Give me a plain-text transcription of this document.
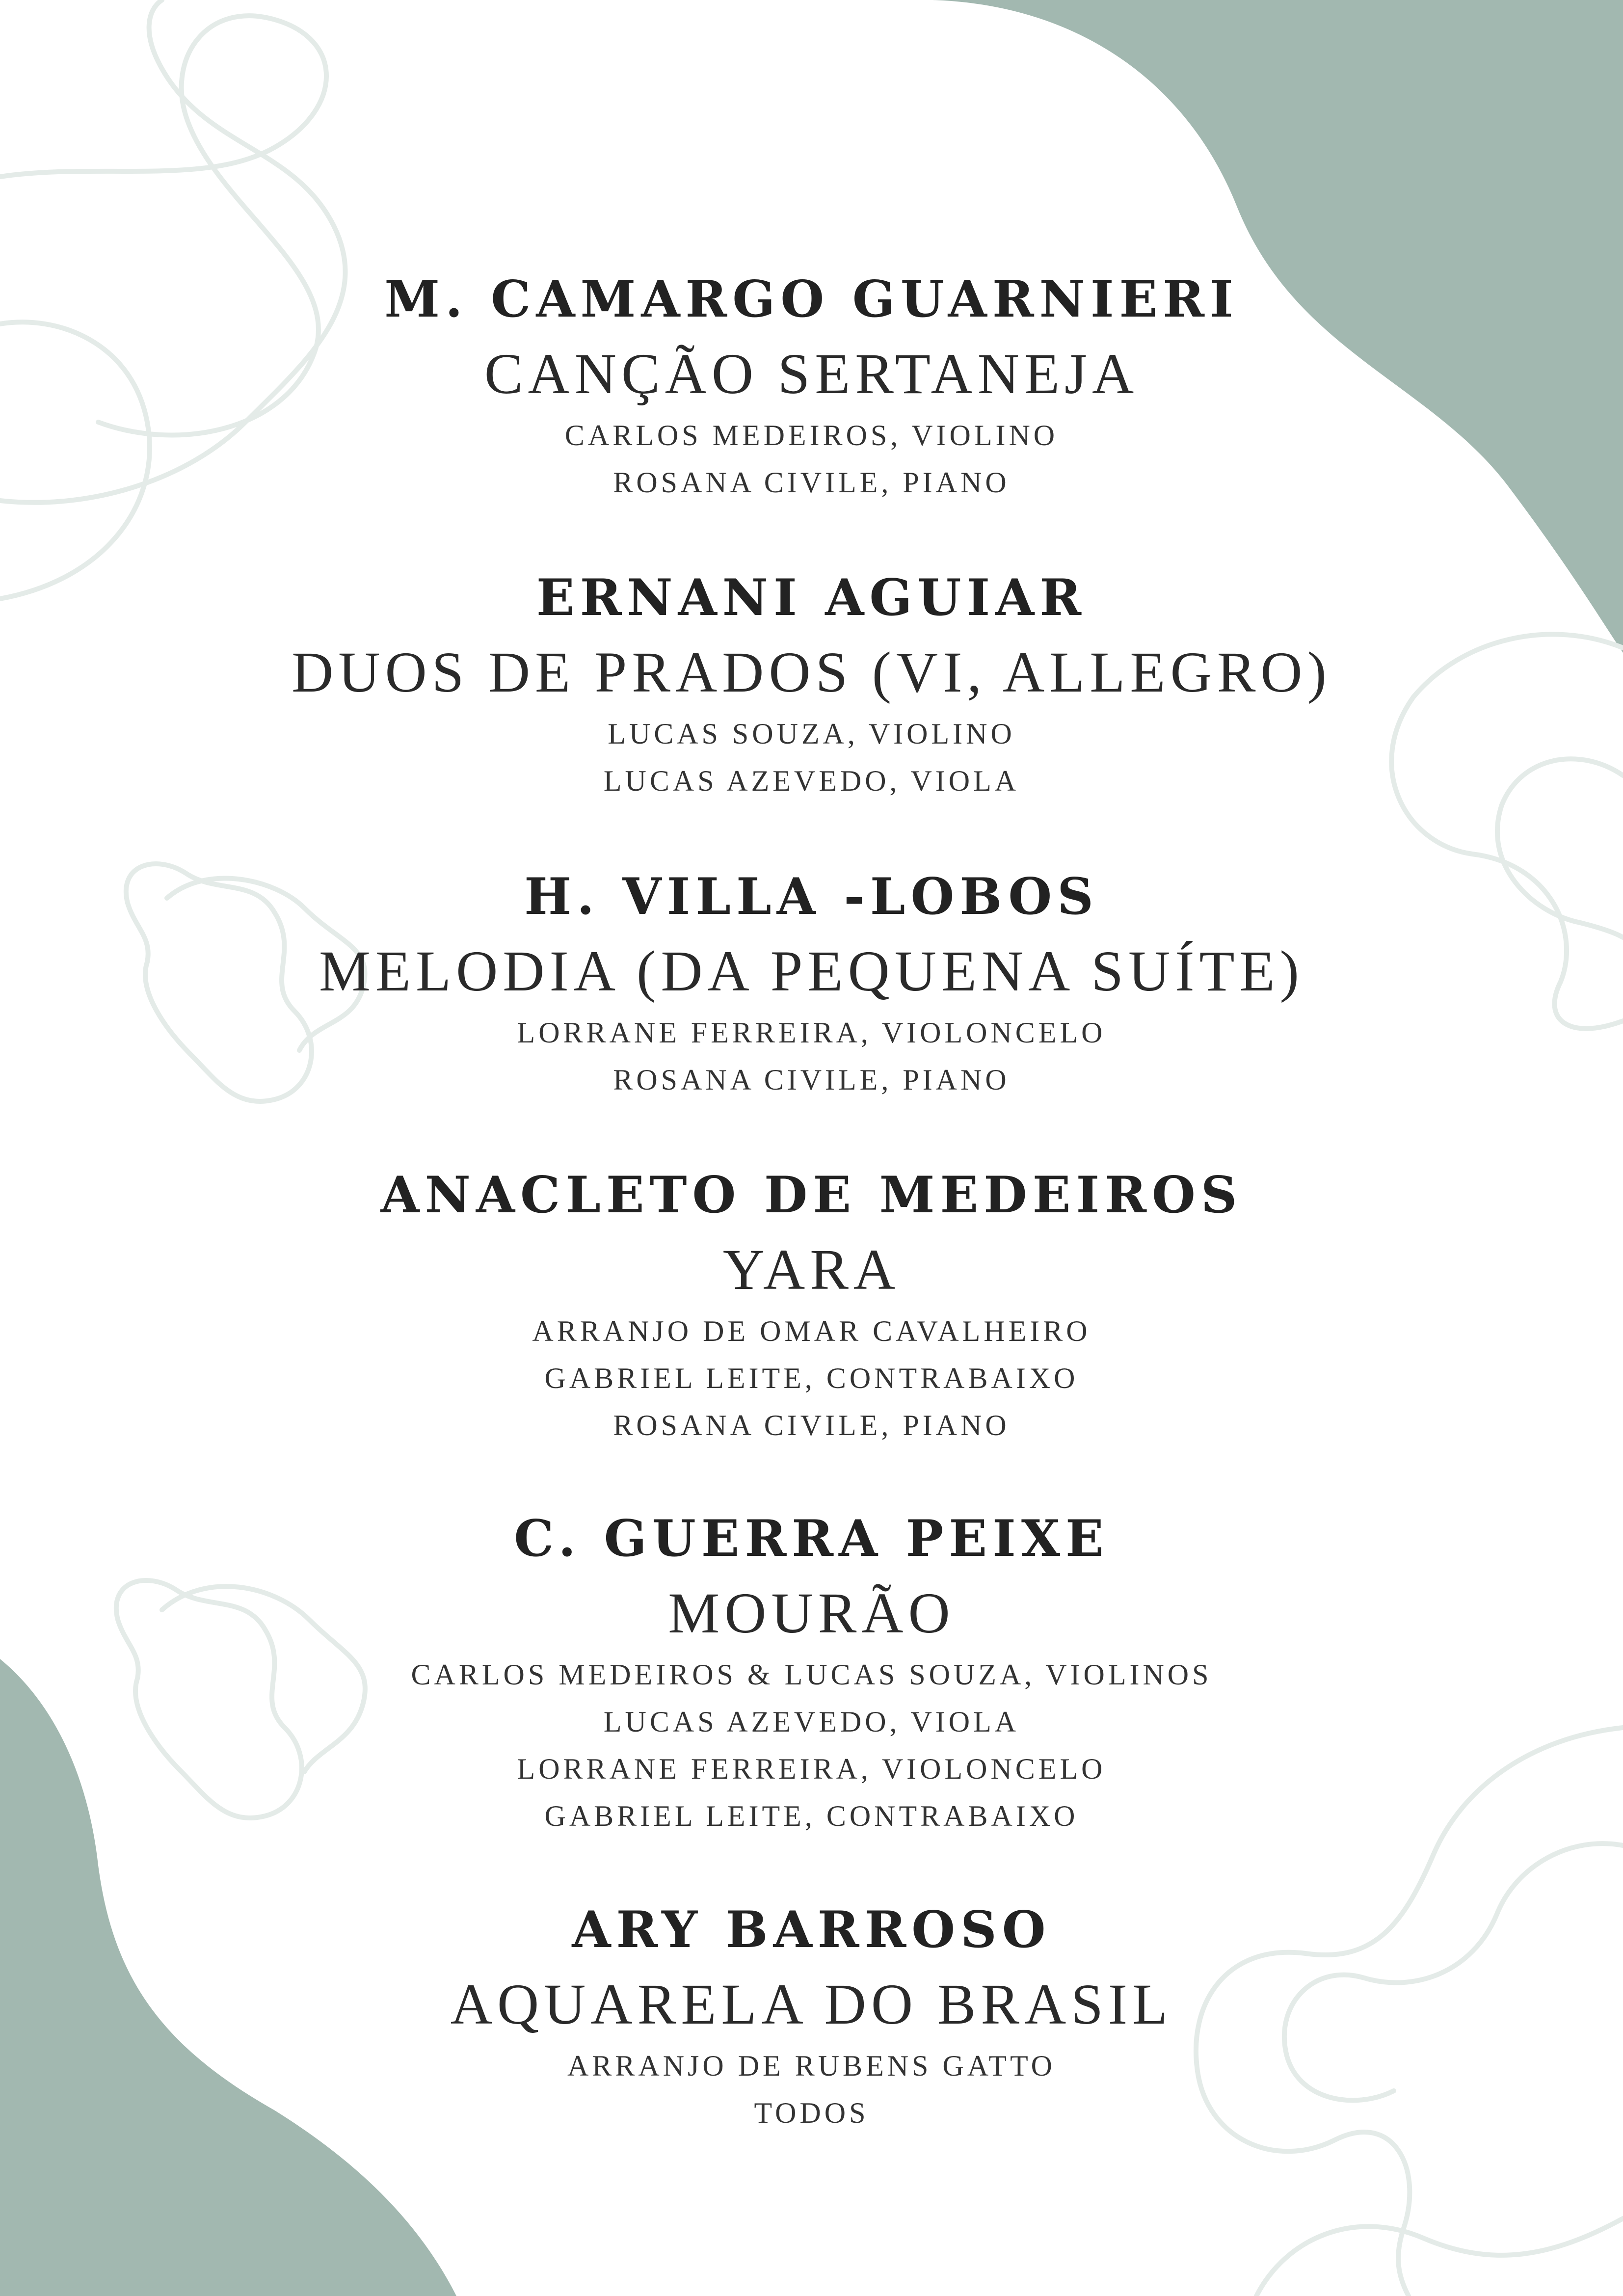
M. CAMARGO GUARNIERI
CANÇÃO SERTANEJA
CARLOS MEDEIROS, VIOLINO
ROSANA CIVILE, PIANO
ERNANI AGUIAR
DUOS DE PRADOS (VI, ALLEGRO)
LUCAS SOUZA, VIOLINO
LUCAS AZEVEDO, VIOLA
H. VILLA -LOBOS
MELODIA (DA PEQUENA SUÍTE)
LORRANE FERREIRA, VIOLONCELO
ROSANA CIVILE, PIANO
ANACLETO DE MEDEIROS
YARA
ARRANJO DE OMAR CAVALHEIRO
GABRIEL LEITE, CONTRABAIXO
ROSANA CIVILE, PIANO
C. GUERRA PEIXE
MOURÃO
CARLOS MEDEIROS & LUCAS SOUZA, VIOLINOS
LUCAS AZEVEDO, VIOLA
LORRANE FERREIRA, VIOLONCELO
GABRIEL LEITE, CONTRABAIXO
ARY BARROSO
AQUARELA DO BRASIL
ARRANJO DE RUBENS GATTO
TODOS
